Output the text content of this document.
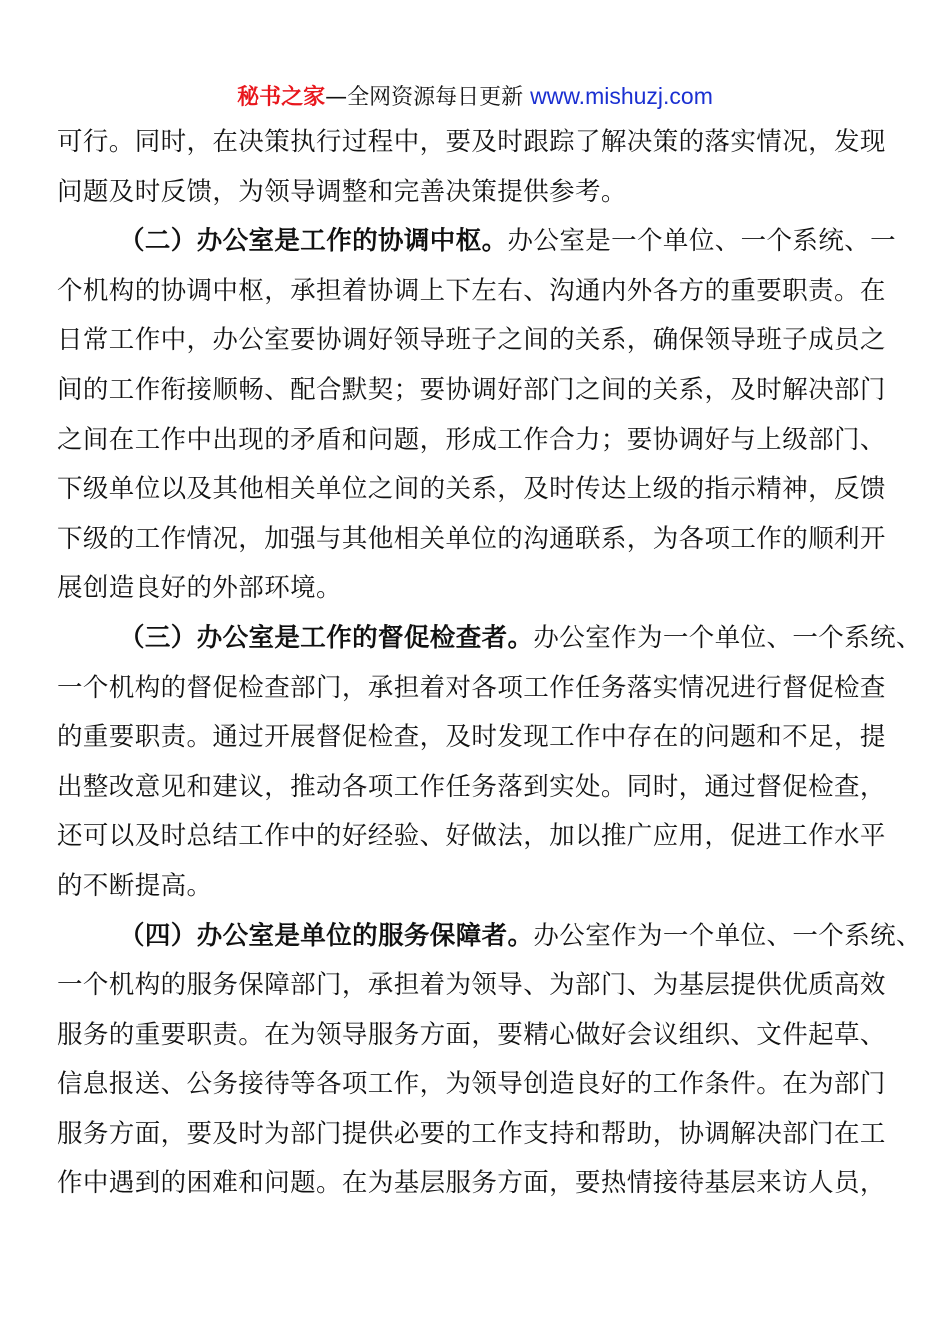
秘书之家—全网资源每日更新 www.mishuzj.com
可行。同时，在决策执行过程中，要及时跟踪了解决策的落实情况，发现
问题及时反馈，为领导调整和完善决策提供参考。
（二）办公室是工作的协调中枢。办公室是一个单位、一个系统、一
个机构的协调中枢，承担着协调上下左右、沟通内外各方的重要职责。在
日常工作中，办公室要协调好领导班子之间的关系，确保领导班子成员之
间的工作衔接顺畅、配合默契；要协调好部门之间的关系，及时解决部门
之间在工作中出现的矛盾和问题，形成工作合力；要协调好与上级部门、
下级单位以及其他相关单位之间的关系，及时传达上级的指示精神，反馈
下级的工作情况，加强与其他相关单位的沟通联系，为各项工作的顺利开
展创造良好的外部环境。
（三）办公室是工作的督促检查者。办公室作为一个单位、一个系统、
一个机构的督促检查部门，承担着对各项工作任务落实情况进行督促检查
的重要职责。通过开展督促检查，及时发现工作中存在的问题和不足，提
出整改意见和建议，推动各项工作任务落到实处。同时，通过督促检查，
还可以及时总结工作中的好经验、好做法，加以推广应用，促进工作水平
的不断提高。
（四）办公室是单位的服务保障者。办公室作为一个单位、一个系统、
一个机构的服务保障部门，承担着为领导、为部门、为基层提供优质高效
服务的重要职责。在为领导服务方面，要精心做好会议组织、文件起草、
信息报送、公务接待等各项工作，为领导创造良好的工作条件。在为部门
服务方面，要及时为部门提供必要的工作支持和帮助，协调解决部门在工
作中遇到的困难和问题。在为基层服务方面，要热情接待基层来访人员，
